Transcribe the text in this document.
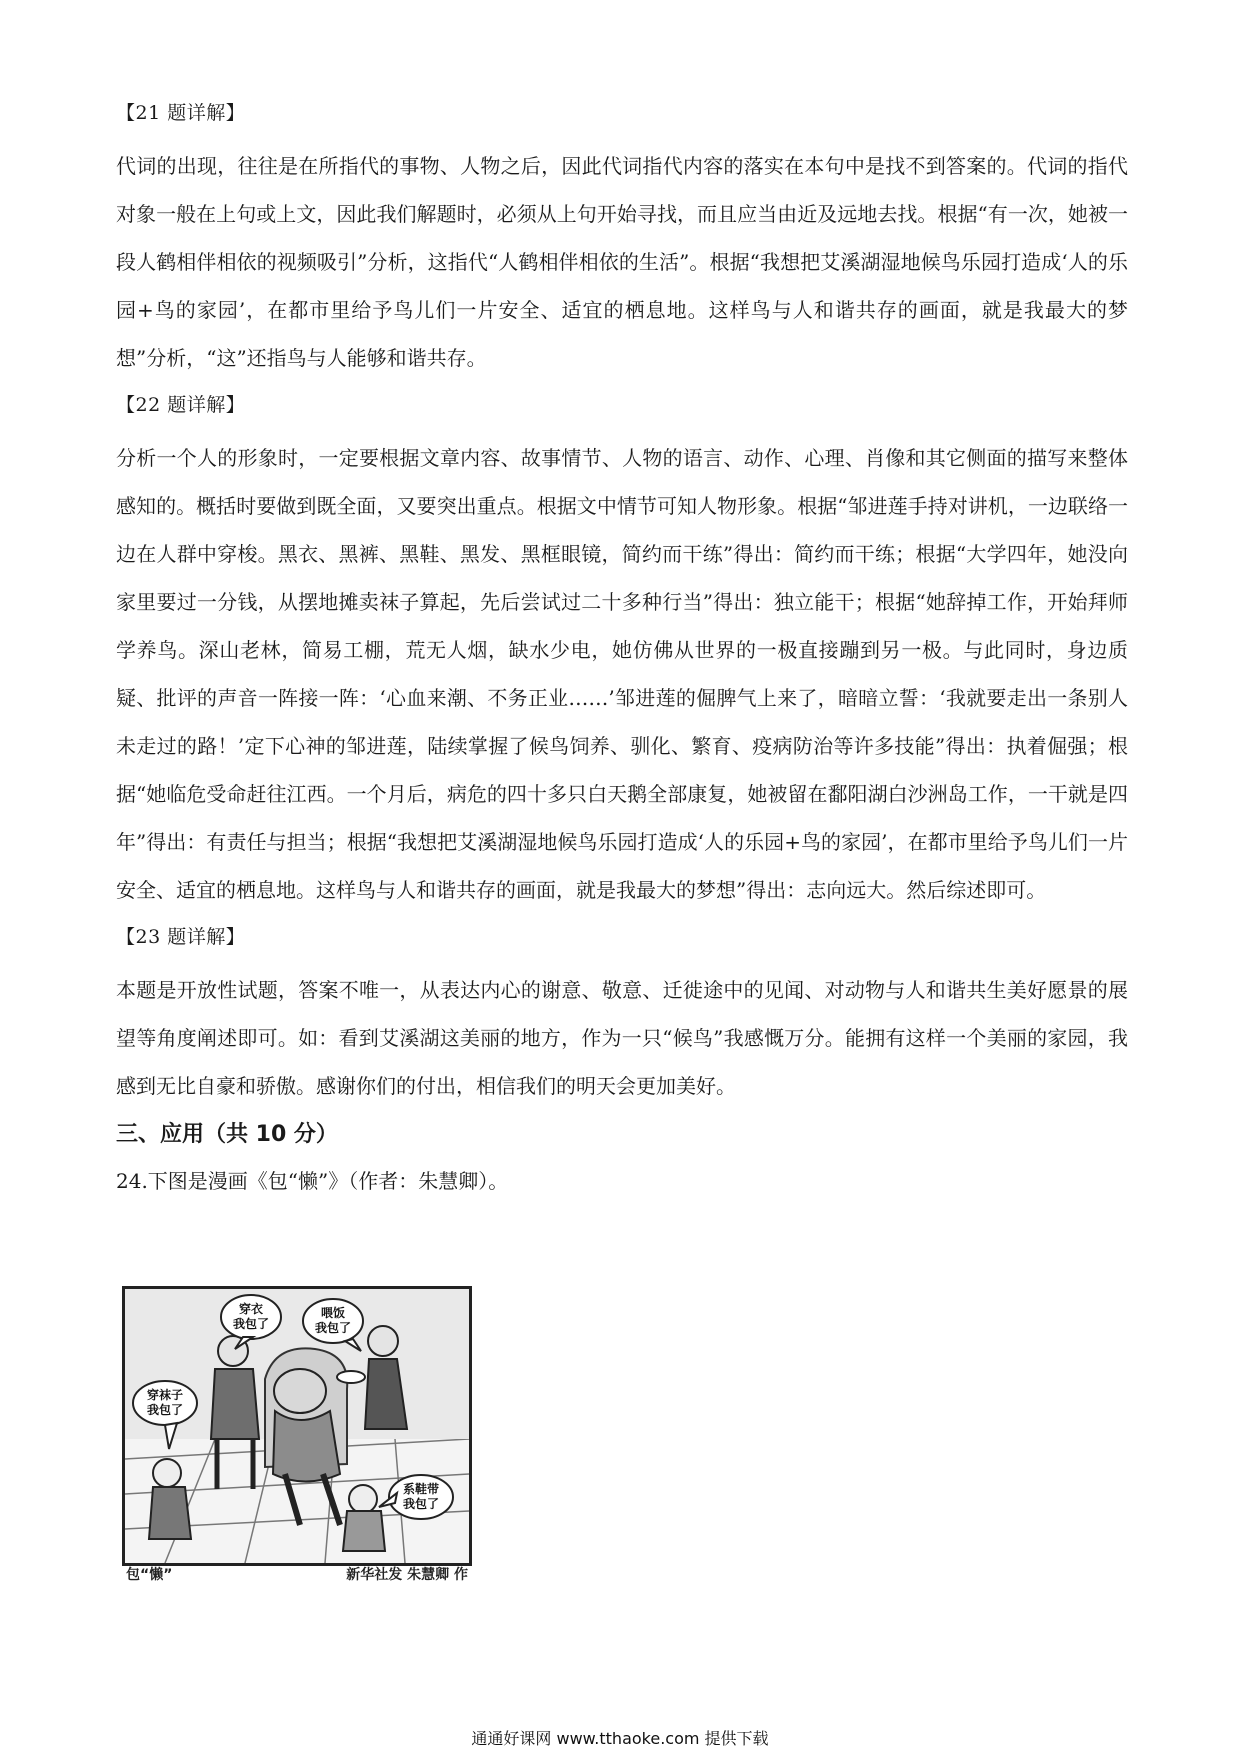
【21 题详解】

代词的出现，往往是在所指代的事物、人物之后，因此代词指代内容的落实在本句中是找不到答案的。代词的指代对象一般在上句或上文，因此我们解题时，必须从上句开始寻找，而且应当由近及远地去找。根据“有一次，她被一段人鹤相伴相依的视频吸引”分析，这指代“人鹤相伴相依的生活”。根据“我想把艾溪湖湿地候鸟乐园打造成‘人的乐园+鸟的家园’，在都市里给予鸟儿们一片安全、适宜的栖息地。这样鸟与人和谐共存的画面，就是我最大的梦想”分析，“这”还指鸟与人能够和谐共存。

【22 题详解】

分析一个人的形象时，一定要根据文章内容、故事情节、人物的语言、动作、心理、肖像和其它侧面的描写来整体感知的。概括时要做到既全面，又要突出重点。根据文中情节可知人物形象。根据“邹进莲手持对讲机，一边联络一边在人群中穿梭。黑衣、黑裤、黑鞋、黑发、黑框眼镜，简约而干练”得出：简约而干练；根据“大学四年，她没向家里要过一分钱，从摆地摊卖袜子算起，先后尝试过二十多种行当”得出：独立能干；根据“她辞掉工作，开始拜师学养鸟。深山老林，简易工棚，荒无人烟，缺水少电，她仿佛从世界的一极直接蹦到另一极。与此同时，身边质疑、批评的声音一阵接一阵：‘心血来潮、不务正业……’邹进莲的倔脾气上来了，暗暗立誓：‘我就要走出一条别人未走过的路！’定下心神的邹进莲，陆续掌握了候鸟饲养、驯化、繁育、疫病防治等许多技能”得出：执着倔强；根据“她临危受命赶往江西。一个月后，病危的四十多只白天鹅全部康复，她被留在鄱阳湖白沙洲岛工作，一干就是四年”得出：有责任与担当；根据“我想把艾溪湖湿地候鸟乐园打造成‘人的乐园+鸟的家园’，在都市里给予鸟儿们一片安全、适宜的栖息地。这样鸟与人和谐共存的画面，就是我最大的梦想”得出：志向远大。然后综述即可。

【23 题详解】

本题是开放性试题，答案不唯一，从表达内心的谢意、敬意、迁徙途中的见闻、对动物与人和谐共生美好愿景的展望等角度阐述即可。如：看到艾溪湖这美丽的地方，作为一只“候鸟”我感慨万分。能拥有这样一个美丽的家园，我感到无比自豪和骄傲。感谢你们的付出，相信我们的明天会更加美好。

三、应用（共 10 分）

24.下图是漫画《包“懒”》（作者：朱慧卿）。

穿衣
我包了
喂饭
我包了
穿袜子
我包了
系鞋带
我包了
包“懒”	新华社发 朱慧卿 作
通通好课网 www.tthaoke.com 提供下载
